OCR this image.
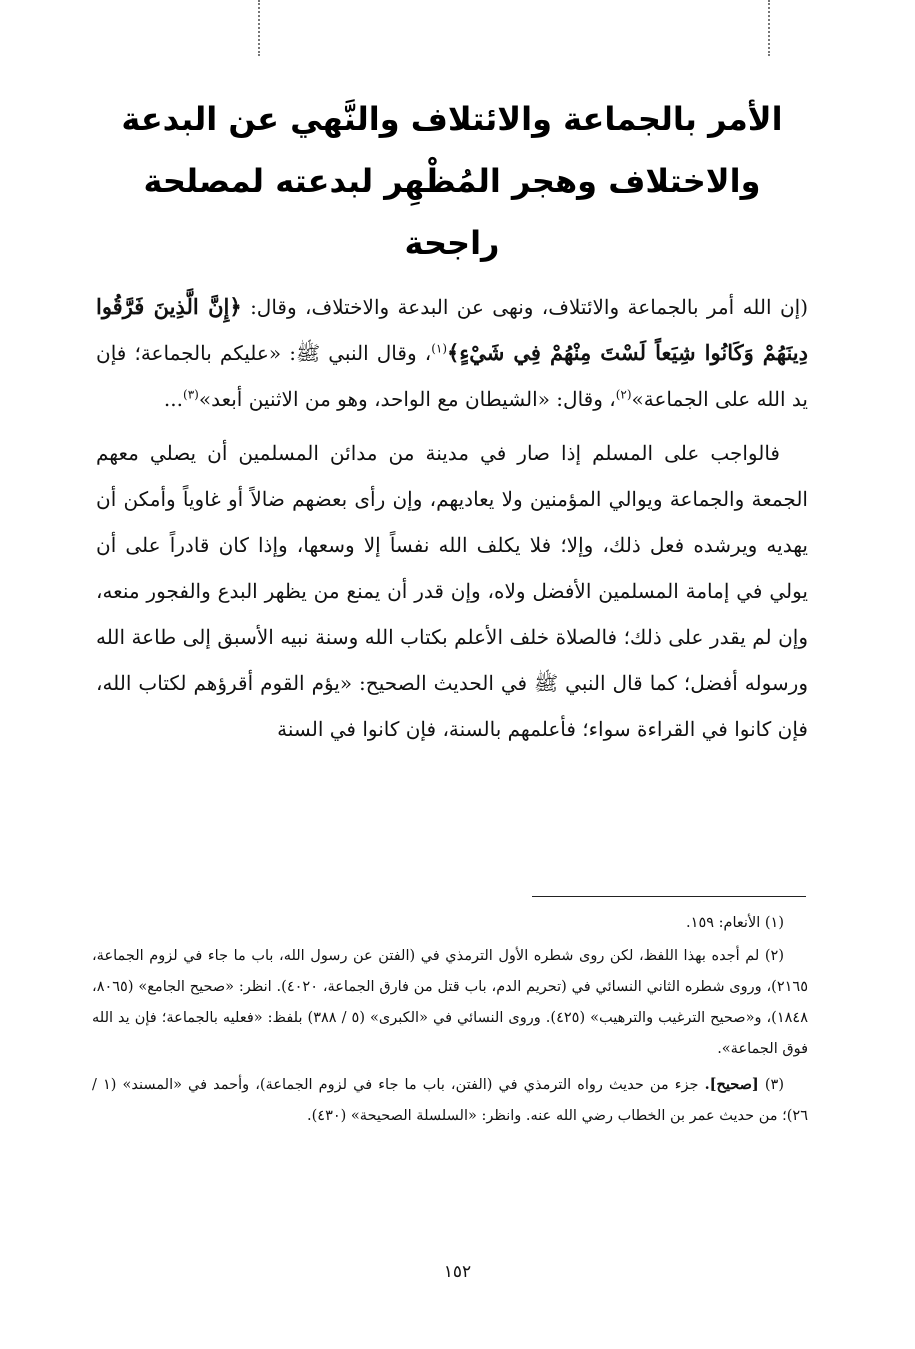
الأمر بالجماعة والائتلاف والنَّهي عن البدعة
والاختلاف وهجر المُظْهِر لبدعته لمصلحة راجحة

(إن الله أمر بالجماعة والائتلاف، ونهى عن البدعة والاختلاف، وقال: ﴿إِنَّ الَّذِينَ فَرَّقُوا دِينَهُمْ وَكَانُوا شِيَعاً لَسْتَ مِنْهُمْ فِي شَيْءٍ﴾$^{(١)}$، وقال النبي ﷺ: «عليكم بالجماعة؛ فإن يد الله على الجماعة»$^{(٢)}$، وقال: «الشيطان مع الواحد، وهو من الاثنين أبعد»$^{(٣)}$...

فالواجب على المسلم إذا صار في مدينة من مدائن المسلمين أن يصلي معهم الجمعة والجماعة ويوالي المؤمنين ولا يعاديهم، وإن رأى بعضهم ضالاً أو غاوياً وأمكن أن يهديه ويرشده فعل ذلك، وإلا؛ فلا يكلف الله نفساً إلا وسعها، وإذا كان قادراً على أن يولي في إمامة المسلمين الأفضل ولاه، وإن قدر أن يمنع من يظهر البدع والفجور منعه، وإن لم يقدر على ذلك؛ فالصلاة خلف الأعلم بكتاب الله وسنة نبيه الأسبق إلى طاعة الله ورسوله أفضل؛ كما قال النبي ﷺ في الحديث الصحيح: «يؤم القوم أقرؤهم لكتاب الله، فإن كانوا في القراءة سواء؛ فأعلمهم بالسنة، فإن كانوا في السنة

(١) الأنعام: ١٥٩.

(٢) لم أجده بهذا اللفظ، لكن روى شطره الأول الترمذي في (الفتن عن رسول الله، باب ما جاء في لزوم الجماعة، ٢١٦٥)، وروى شطره الثاني النسائي في (تحريم الدم، باب قتل من فارق الجماعة، ٤٠٢٠). انظر: «صحيح الجامع» (٨٠٦٥، ١٨٤٨)، و«صحيح الترغيب والترهيب» (٤٢٥). وروى النسائي في «الكبرى» (٥ / ٣٨٨) بلفظ: «فعليه بالجماعة؛ فإن يد الله فوق الجماعة».

(٣) [صحيح]. جزء من حديث رواه الترمذي في (الفتن، باب ما جاء في لزوم الجماعة)، وأحمد في «المسند» (١ / ٢٦)؛ من حديث عمر بن الخطاب رضي الله عنه. وانظر: «السلسلة الصحيحة» (٤٣٠).

١٥٢
